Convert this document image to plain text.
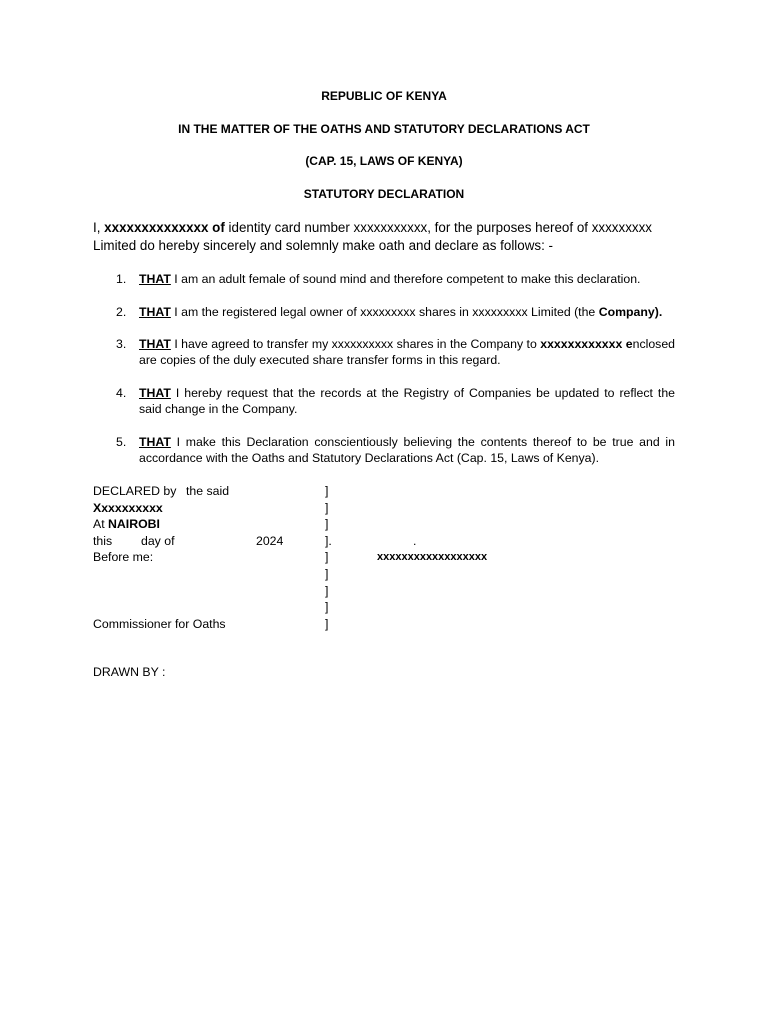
REPUBLIC OF KENYA
IN THE MATTER OF THE OATHS AND STATUTORY DECLARATIONS ACT
(CAP. 15, LAWS OF KENYA)
STATUTORY DECLARATION
I, xxxxxxxxxxxxxx of identity card number xxxxxxxxxxx, for the purposes hereof of xxxxxxxxx Limited do hereby sincerely and solemnly make oath and declare as follows: -
1. THAT I am an adult female of sound mind and therefore competent to make this declaration.
2. THAT I am the registered legal owner of xxxxxxxxx shares in xxxxxxxxx Limited (the Company).
3. THAT I have agreed to transfer my xxxxxxxxxx shares in the Company to xxxxxxxxxxxx enclosed are copies of the duly executed share transfer forms in this regard.
4. THAT I hereby request that the records at the Registry of Companies be updated to reflect the said change in the Company.
5. THAT I make this Declaration conscientiously believing the contents thereof to be true and in accordance with the Oaths and Statutory Declarations Act (Cap. 15, Laws of Kenya).
DECLARED by the said	]
Xxxxxxxxxx	]
At NAIROBI	]
this day of	2024	].	.
Before me:	]	xxxxxxxxxxxxxxxxxx
]
]
]
Commissioner for Oaths	]
DRAWN BY :
